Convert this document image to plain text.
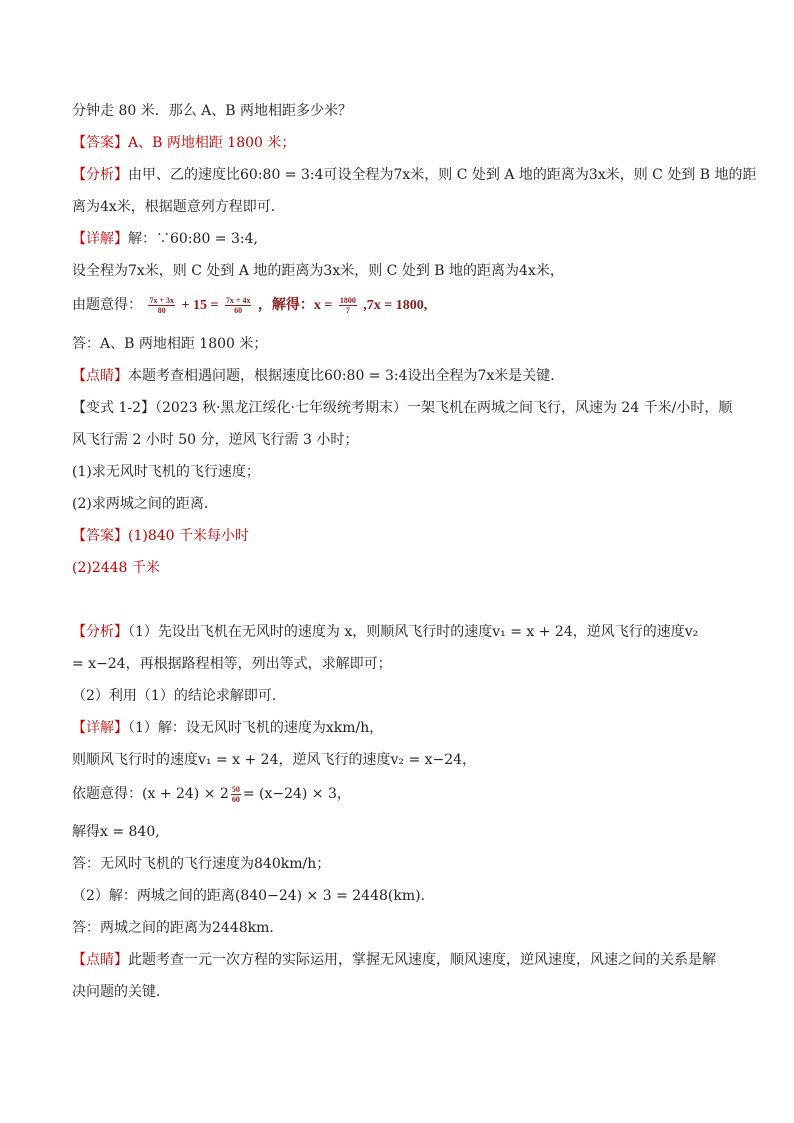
分钟走 80 米．那么 A、B 两地相距多少米？
【答案】A、B 两地相距 1800 米；
【分析】由甲、乙的速度比60:80 = 3:4可设全程为7x米，则 C 处到 A 地的距离为3x米，则 C 处到 B 地的距
离为4x米，根据题意列方程即可．
【详解】解：∵60:80 = 3:4,
设全程为7x米，则 C 处到 A 地的距离为3x米，则 C 处到 B 地的距离为4x米，
由题意得： $\frac{7x + 3x}{80} + 15 = \frac{7x + 4x}{60}$ ，解得：$x = \frac{1800}{7} ,7x = 1800$,
答：A、B 两地相距 1800 米；
【点睛】本题考查相遇问题，根据速度比60:80 = 3:4设出全程为7x米是关键．
【变式 1-2】（2023 秋·黑龙江绥化·七年级统考期末）一架飞机在两城之间飞行，风速为 24 千米/小时，顺
风飞行需 2 小时 50 分，逆风飞行需 3 小时；
(1)求无风时飞机的飞行速度；
(2)求两城之间的距离．
【答案】(1)840 千米每小时
(2)2448 千米
【分析】（1）先设出飞机在无风时的速度为 x，则顺风飞行时的速度v₁ = x + 24，逆风飞行的速度v₂
= x−24，再根据路程相等，列出等式，求解即可；
（2）利用（1）的结论求解即可．
【详解】（1）解：设无风时飞机的速度为xkm/h，
则顺风飞行时的速度v₁ = x + 24，逆风飞行的速度v₂ = x−24，
依题意得：$(x + 24) \times 2 \frac{50}{60} = (x-24) \times 3$，
解得x = 840,
答：无风时飞机的飞行速度为840km/h；
（2）解：两城之间的距离(840−24) × 3 = 2448(km)．
答：两城之间的距离为2448km．
【点睛】此题考查一元一次方程的实际运用，掌握无风速度，顺风速度，逆风速度，风速之间的关系是解
决问题的关键．
